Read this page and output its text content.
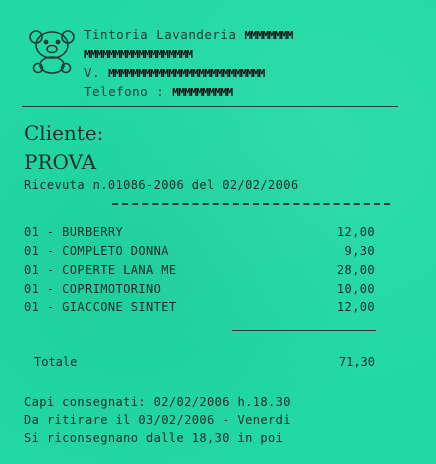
Tintoria Lavanderia MMMMMMMM
MMMMMMMMMMMMMMMMMM
V. MMMMMMMMMMMMMMMMMMMMMMMMMM
Telefono : MMMMMMMMMM
Cliente:
PROVA
Ricevuta n.01086-2006 del 02/02/2006
01 - BURBERRY	12,00
01 - COMPLETO DONNA	9,30
01 - COPERTE LANA ME	28,00
01 - COPRIMOTORINO	10,00
01 - GIACCONE SINTET	12,00
Totale	71,30
Capi consegnati: 02/02/2006 h.18.30
Da ritirare il 03/02/2006 - Venerdi
Si riconsegnano dalle 18,30 in poi
